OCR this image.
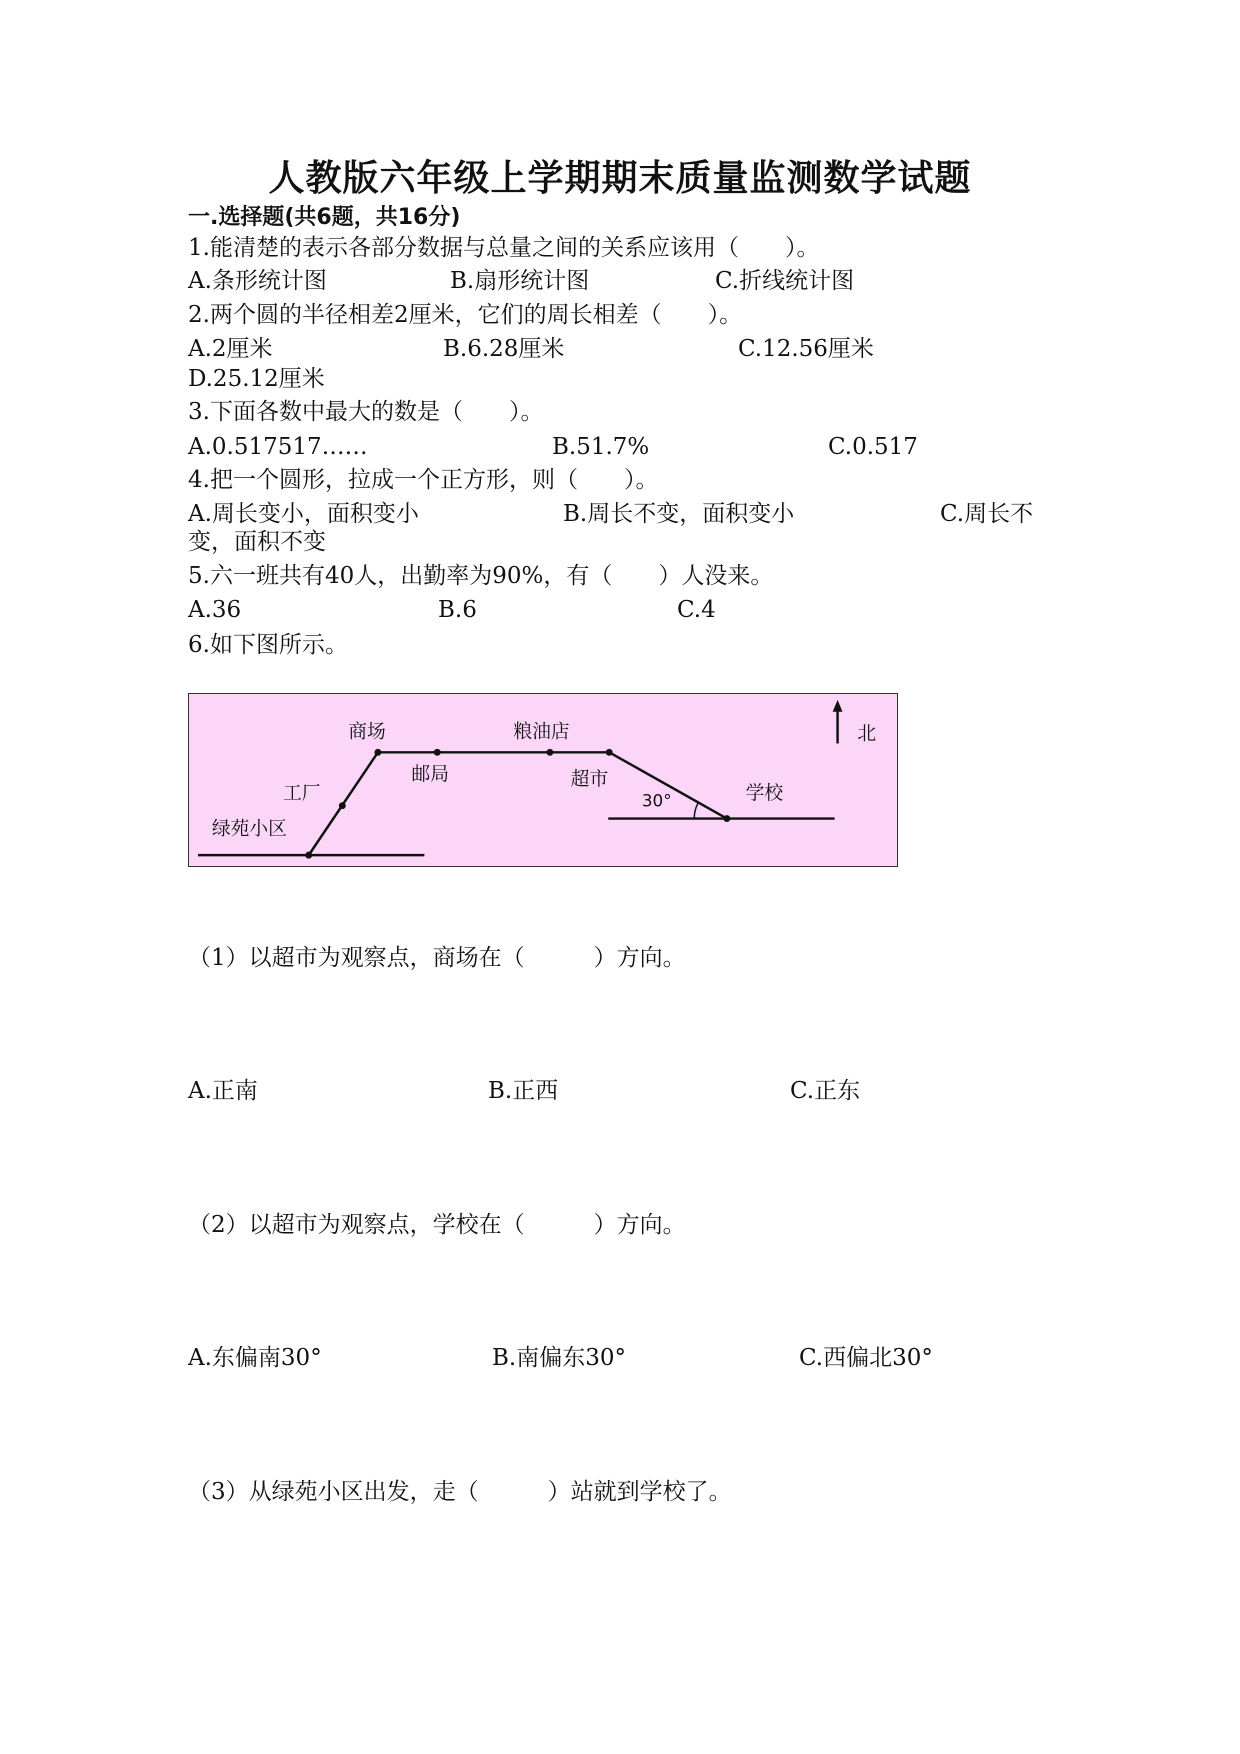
人教版六年级上学期期末质量监测数学试题
一.选择题(共6题，共16分)
1.能清楚的表示各部分数据与总量之间的关系应该用（　　）。
A.条形统计图	B.扇形统计图	C.折线统计图
2.两个圆的半径相差2厘米，它们的周长相差（　　）。
A.2厘米	B.6.28厘米	C.12.56厘米
D.25.12厘米
3.下面各数中最大的数是（　　）。
A.0.517517……	B.51.7%	C.0.517
4.把一个圆形，拉成一个正方形，则（　　）。
A.周长变小，面积变小	B.周长不变，面积变小	C.周长不
变，面积不变
5.六一班共有40人，出勤率为90%，有（　　）人没来。
A.36	B.6	C.4
6.如下图所示。
商场	粮油店	北
邮局	超市
工厂	30°	学校
绿苑小区
（1）以超市为观察点，商场在（　　　）方向。
A.正南	B.正西	C.正东
（2）以超市为观察点，学校在（　　　）方向。
A.东偏南30°	B.南偏东30°	C.西偏北30°
（3）从绿苑小区出发，走（　　　）站就到学校了。
